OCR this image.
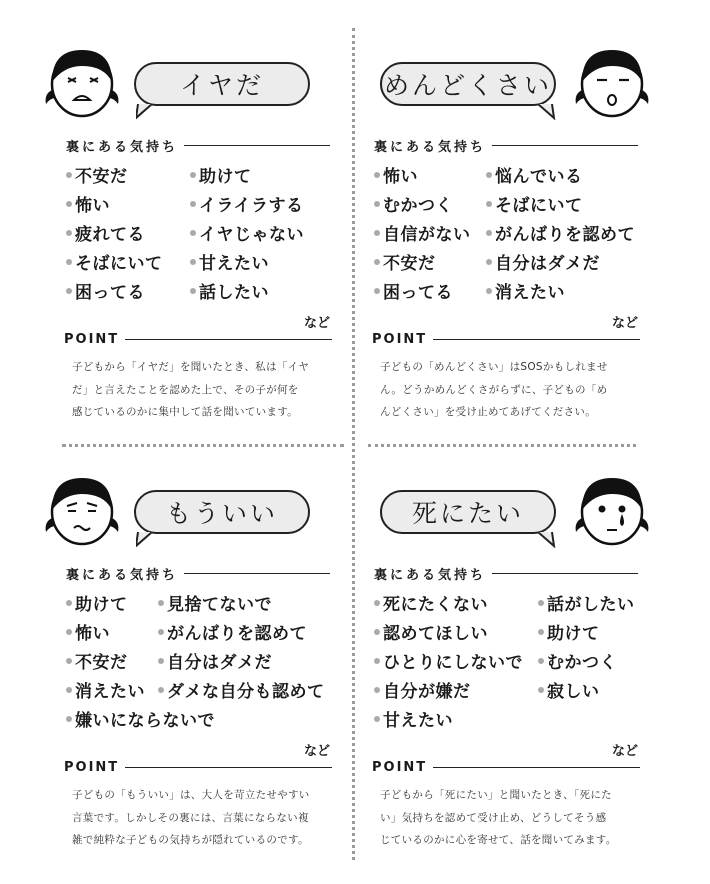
イヤだ
裏にある気持ち
不安だ
怖い
疲れてる
そばにいて
困ってる
助けて
イライラする
イヤじゃない
甘えたい
話したい
など
POINT
子どもから「イヤだ」を聞いたとき、私は「イヤ
だ」と言えたことを認めた上で、その子が何を
感じているのかに集中して話を聞いています。
めんどくさい
裏にある気持ち
怖い
むかつく
自信がない
不安だ
困ってる
悩んでいる
そばにいて
がんばりを認めて
自分はダメだ
消えたい
など
POINT
子どもの「めんどくさい」はSOSかもしれませ
ん。どうかめんどくさがらずに、子どもの「め
んどくさい」を受け止めてあげてください。
もういい
裏にある気持ち
助けて
怖い
不安だ
消えたい
嫌いにならないで
見捨てないで
がんばりを認めて
自分はダメだ
ダメな自分も認めて
など
POINT
子どもの「もういい」は、大人を苛立たせやすい
言葉です。しかしその裏には、言葉にならない複
雑で純粋な子どもの気持ちが隠れているのです。
死にたい
裏にある気持ち
死にたくない
認めてほしい
ひとりにしないで
自分が嫌だ
甘えたい
話がしたい
助けて
むかつく
寂しい
など
POINT
子どもから「死にたい」と聞いたとき、「死にた
い」気持ちを認めて受け止め、どうしてそう感
じているのかに心を寄せて、話を聞いてみます。
